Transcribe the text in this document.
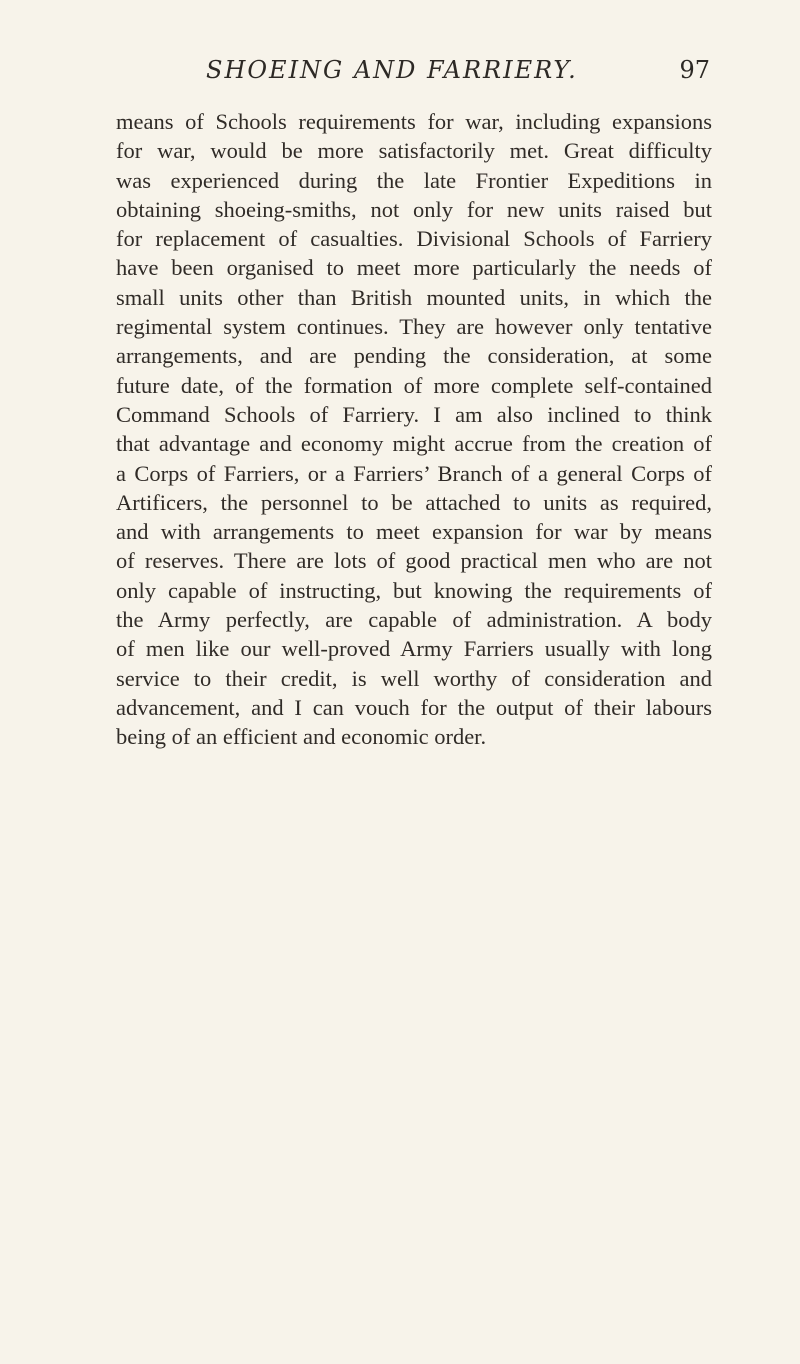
SHOEING AND FARRIERY.	97
means of Schools requirements for war, including expansions
for war, would be more satisfactorily met. Great difficulty
was experienced during the late Frontier Expeditions in
obtaining shoeing-smiths, not only for new units raised but
for replacement of casualties. Divisional Schools of Farriery
have been organised to meet more particularly the needs of
small units other than British mounted units, in which the
regimental system continues. They are however only tentative
arrangements, and are pending the consideration, at some
future date, of the formation of more complete self-contained
Command Schools of Farriery. I am also inclined to think
that advantage and economy might accrue from the creation of
a Corps of Farriers, or a Farriers’ Branch of a general Corps of
Artificers, the personnel to be attached to units as required,
and with arrangements to meet expansion for war by means
of reserves. There are lots of good practical men who are not
only capable of instructing, but knowing the requirements of
the Army perfectly, are capable of administration. A body
of men like our well-proved Army Farriers usually with long
service to their credit, is well worthy of consideration and
advancement, and I can vouch for the output of their labours
being of an efficient and economic order.
